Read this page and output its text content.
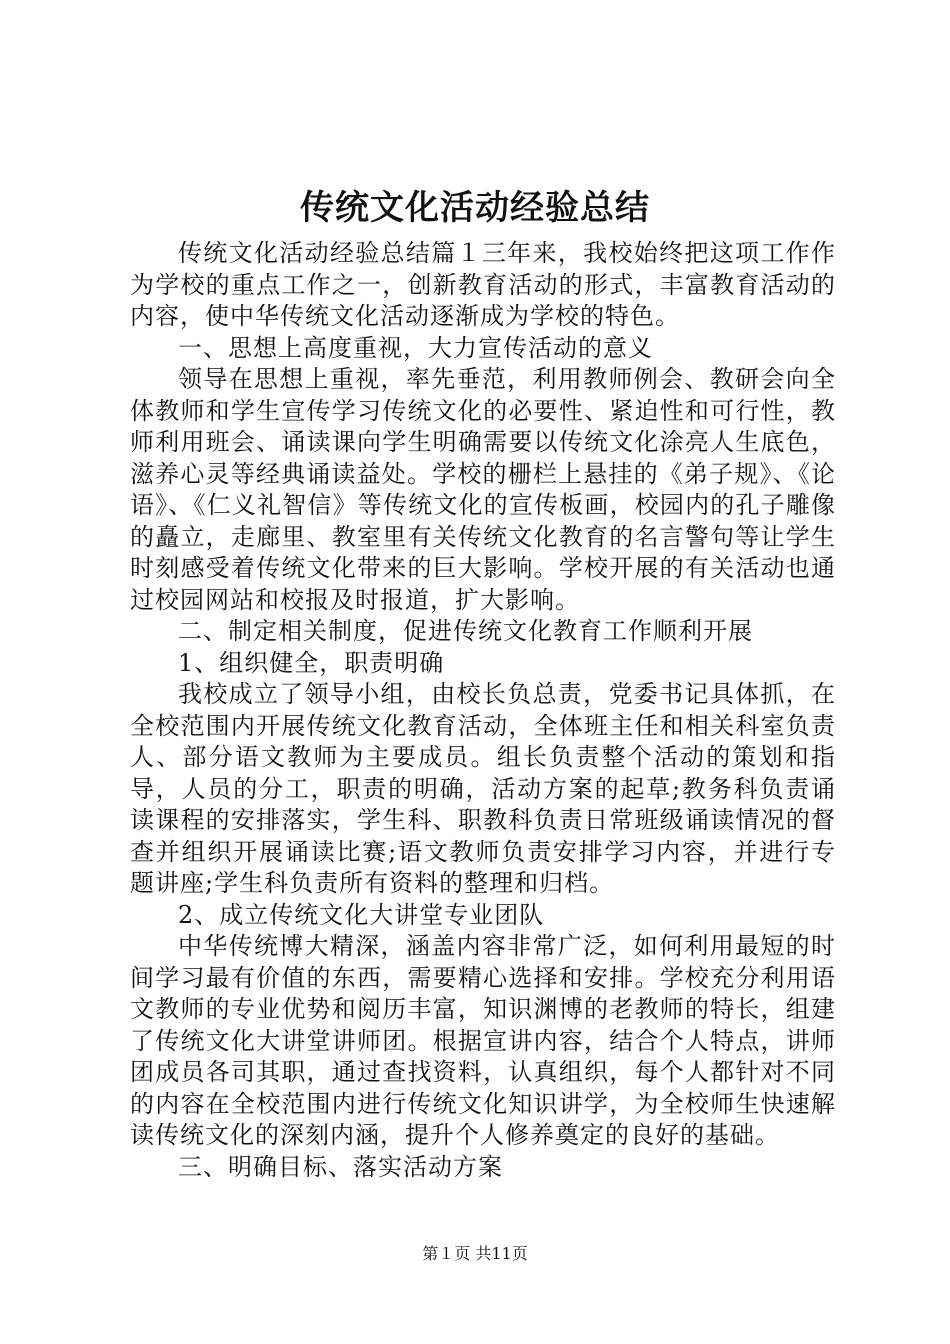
传统文化活动经验总结

传统文化活动经验总结篇１三年来，我校始终把这项工作作为学校的重点工作之一，创新教育活动的形式，丰富教育活动的内容，使中华传统文化活动逐渐成为学校的特色。

一、思想上高度重视，大力宣传活动的意义

领导在思想上重视，率先垂范，利用教师例会、教研会向全体教师和学生宣传学习传统文化的必要性、紧迫性和可行性，教师利用班会、诵读课向学生明确需要以传统文化涂亮人生底色，滋养心灵等经典诵读益处。学校的栅栏上悬挂的《弟子规》、《论语》、《仁义礼智信》等传统文化的宣传板画，校园内的孔子雕像的矗立，走廊里、教室里有关传统文化教育的名言警句等让学生时刻感受着传统文化带来的巨大影响。学校开展的有关活动也通过校园网站和校报及时报道，扩大影响。

二、制定相关制度，促进传统文化教育工作顺利开展

1、组织健全，职责明确

我校成立了领导小组，由校长负总责，党委书记具体抓，在全校范围内开展传统文化教育活动，全体班主任和相关科室负责人、部分语文教师为主要成员。组长负责整个活动的策划和指导，人员的分工，职责的明确，活动方案的起草;教务科负责诵读课程的安排落实，学生科、职教科负责日常班级诵读情况的督查并组织开展诵读比赛;语文教师负责安排学习内容，并进行专题讲座;学生科负责所有资料的整理和归档。

2、成立传统文化大讲堂专业团队

中华传统博大精深，涵盖内容非常广泛，如何利用最短的时间学习最有价值的东西，需要精心选择和安排。学校充分利用语文教师的专业优势和阅历丰富，知识渊博的老教师的特长，组建了传统文化大讲堂讲师团。根据宣讲内容，结合个人特点，讲师团成员各司其职，通过查找资料，认真组织，每个人都针对不同的内容在全校范围内进行传统文化知识讲学，为全校师生快速解读传统文化的深刻内涵，提升个人修养奠定的良好的基础。

三、明确目标、落实活动方案

第１页 共11页
